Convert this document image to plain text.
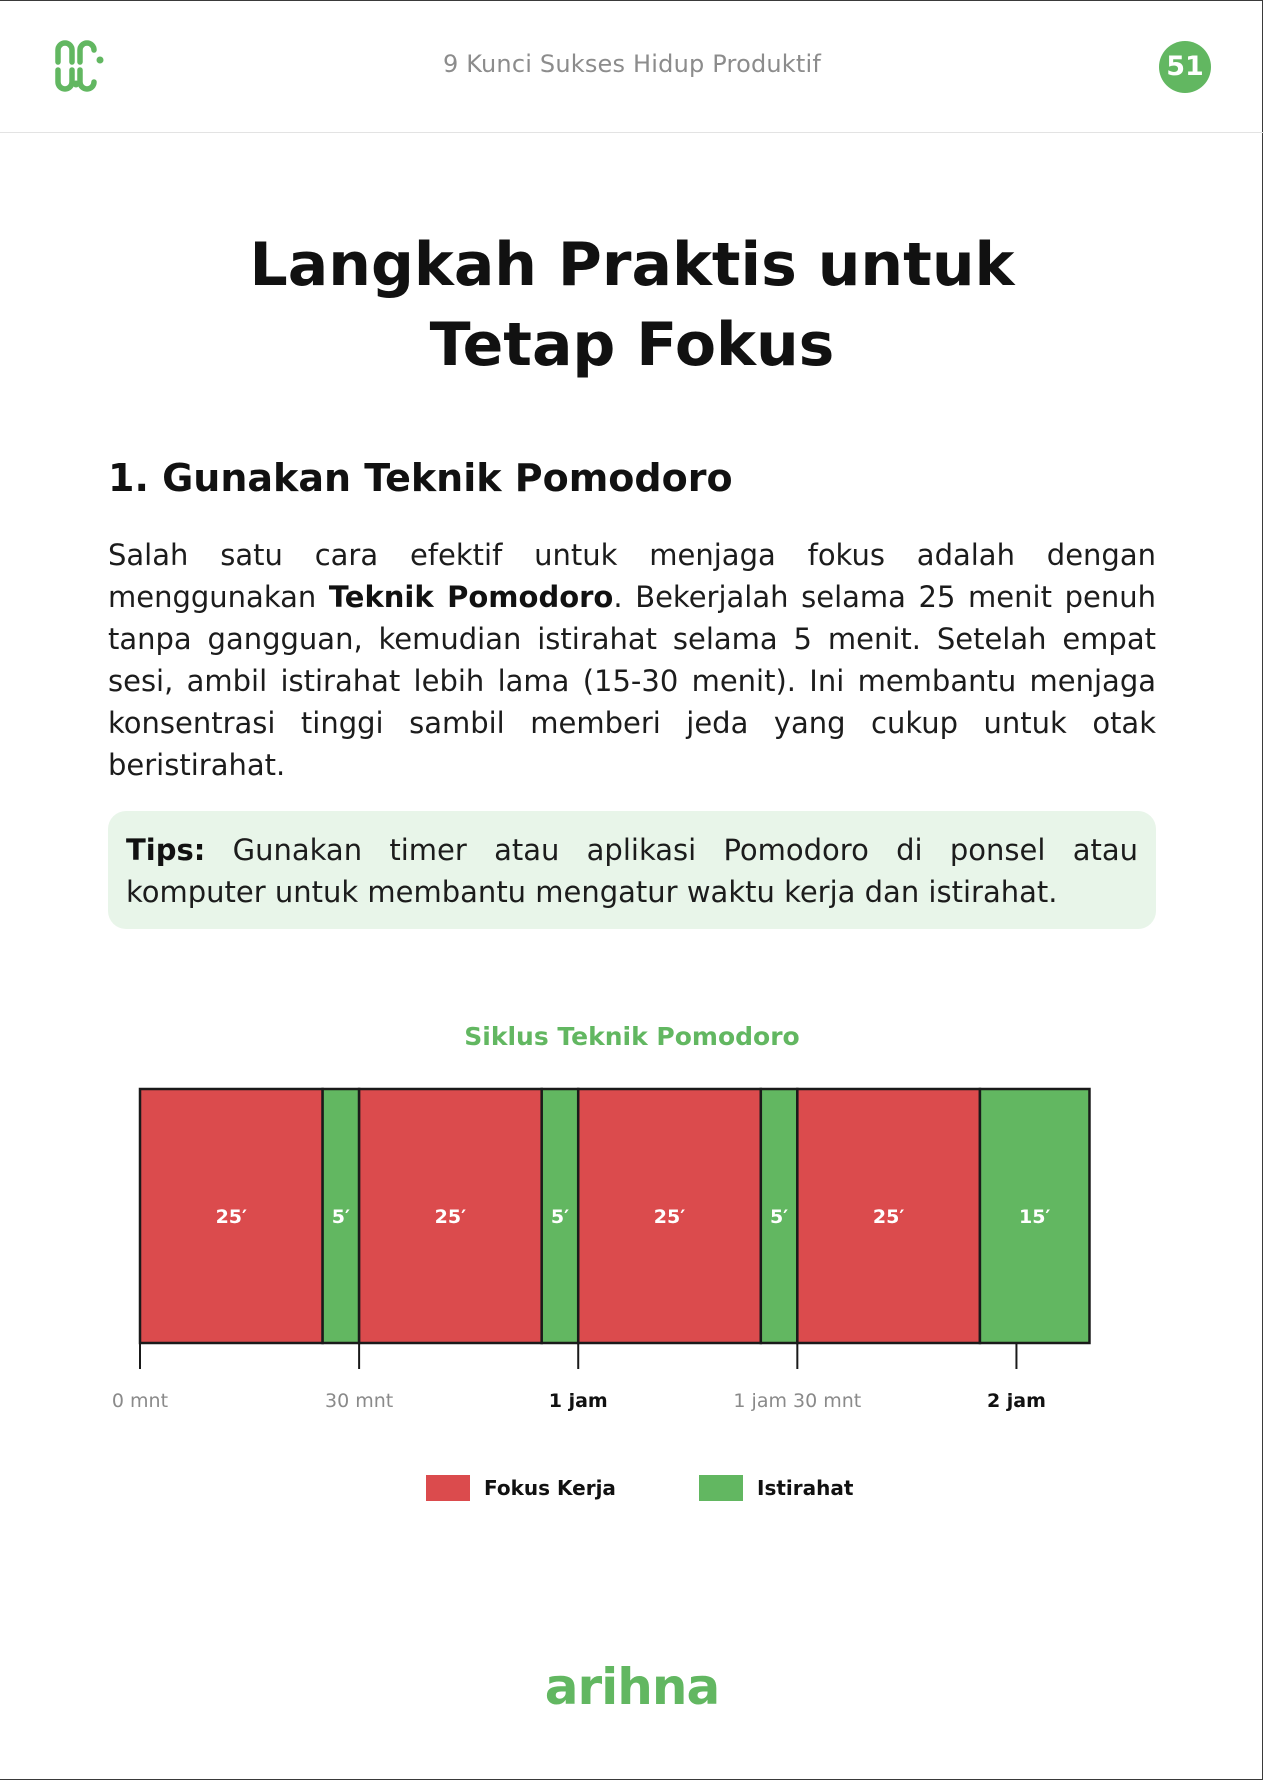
9 Kunci Sukses Hidup Produktif	51
Langkah Praktis untuk
Tetap Fokus
1. Gunakan Teknik Pomodoro

Salah satu cara efektif untuk menjaga fokus adalah dengan menggunakan Teknik Pomodoro. Bekerjalah selama 25 menit penuh tanpa gangguan, kemudian istirahat selama 5 menit. Setelah empat sesi, ambil istirahat lebih lama (15-30 menit). Ini membantu menjaga konsentrasi tinggi sambil memberi jeda yang cukup untuk otak beristirahat.

Tips: Gunakan timer atau aplikasi Pomodoro di ponsel atau komputer untuk membantu mengatur waktu kerja dan istirahat.
Siklus Teknik Pomodoro
25′	5′	25′	5′	25′	5′	25′	15′
0 mnt	30 mnt	1 jam	1 jam 30 mnt	2 jam
Fokus Kerja	Istirahat
arihna
